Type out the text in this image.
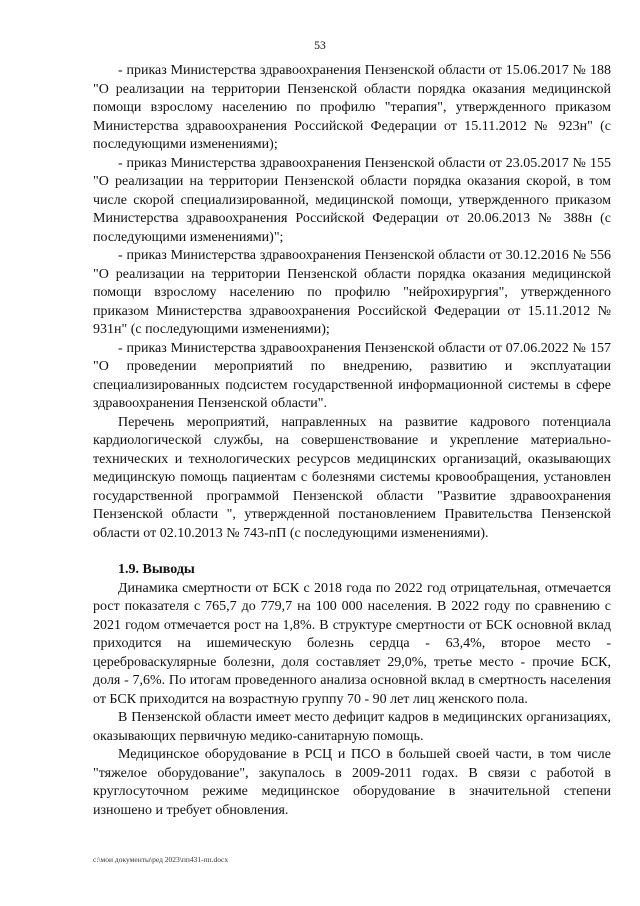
53

- приказ Министерства здравоохранения Пензенской области от 15.06.2017 № 188 "О реализации на территории Пензенской области порядка оказания медицинской помощи взрослому населению по профилю "терапия", утвержденного приказом Министерства здравоохранения Российской Федерации от 15.11.2012 № 923н" (с последующими изменениями);

- приказ Министерства здравоохранения Пензенской области от 23.05.2017 № 155 "О реализации на территории Пензенской области порядка оказания скорой, в том числе скорой специализированной, медицинской помощи, утвержденного приказом Министерства здравоохранения Российской Федерации от 20.06.2013 № 388н (с последующими изменениями)";

- приказ Министерства здравоохранения Пензенской области от 30.12.2016 № 556 "О реализации на территории Пензенской области порядка оказания медицинской помощи взрослому населению по профилю "нейрохирургия", утвержденного приказом Министерства здравоохранения Российской Федерации от 15.11.2012 № 931н" (с последующими изменениями);

- приказ Министерства здравоохранения Пензенской области от 07.06.2022 № 157 "О проведении мероприятий по внедрению, развитию и эксплуатации специализированных подсистем государственной информационной системы в сфере здравоохранения Пензенской области".

Перечень мероприятий, направленных на развитие кадрового потенциала кардиологической службы, на совершенствование и укрепление материально-технических и технологических ресурсов медицинских организаций, оказывающих медицинскую помощь пациентам с болезнями системы кровообращения, установлен государственной программой Пензенской области "Развитие здравоохранения Пензенской области ", утвержденной постановлением Правительства Пензенской области от 02.10.2013 № 743-пП (с последующими изменениями).

1.9. Выводы

Динамика смертности от БСК с 2018 года по 2022 год отрицательная, отмечается рост показателя с 765,7 до 779,7 на 100 000 населения. В 2022 году по сравнению с 2021 годом отмечается рост на 1,8%. В структуре смертности от БСК основной вклад приходится на ишемическую болезнь сердца - 63,4%, второе место - цереброваскулярные болезни, доля составляет 29,0%, третье место - прочие БСК, доля - 7,6%. По итогам проведенного анализа основной вклад в смертность населения от БСК приходится на возрастную группу 70 - 90 лет лиц женского пола.

В Пензенской области имеет место дефицит кадров в медицинских организациях, оказывающих первичную медико-санитарную помощь.

Медицинское оборудование в РСЦ и ПСО в большей своей части, в том числе "тяжелое оборудование", закупалось в 2009-2011 годах. В связи с работой в круглосуточном режиме медицинское оборудование в значительной степени изношено и требует обновления.

c:\мои документы\ред 2023\пп431-пп.docx
